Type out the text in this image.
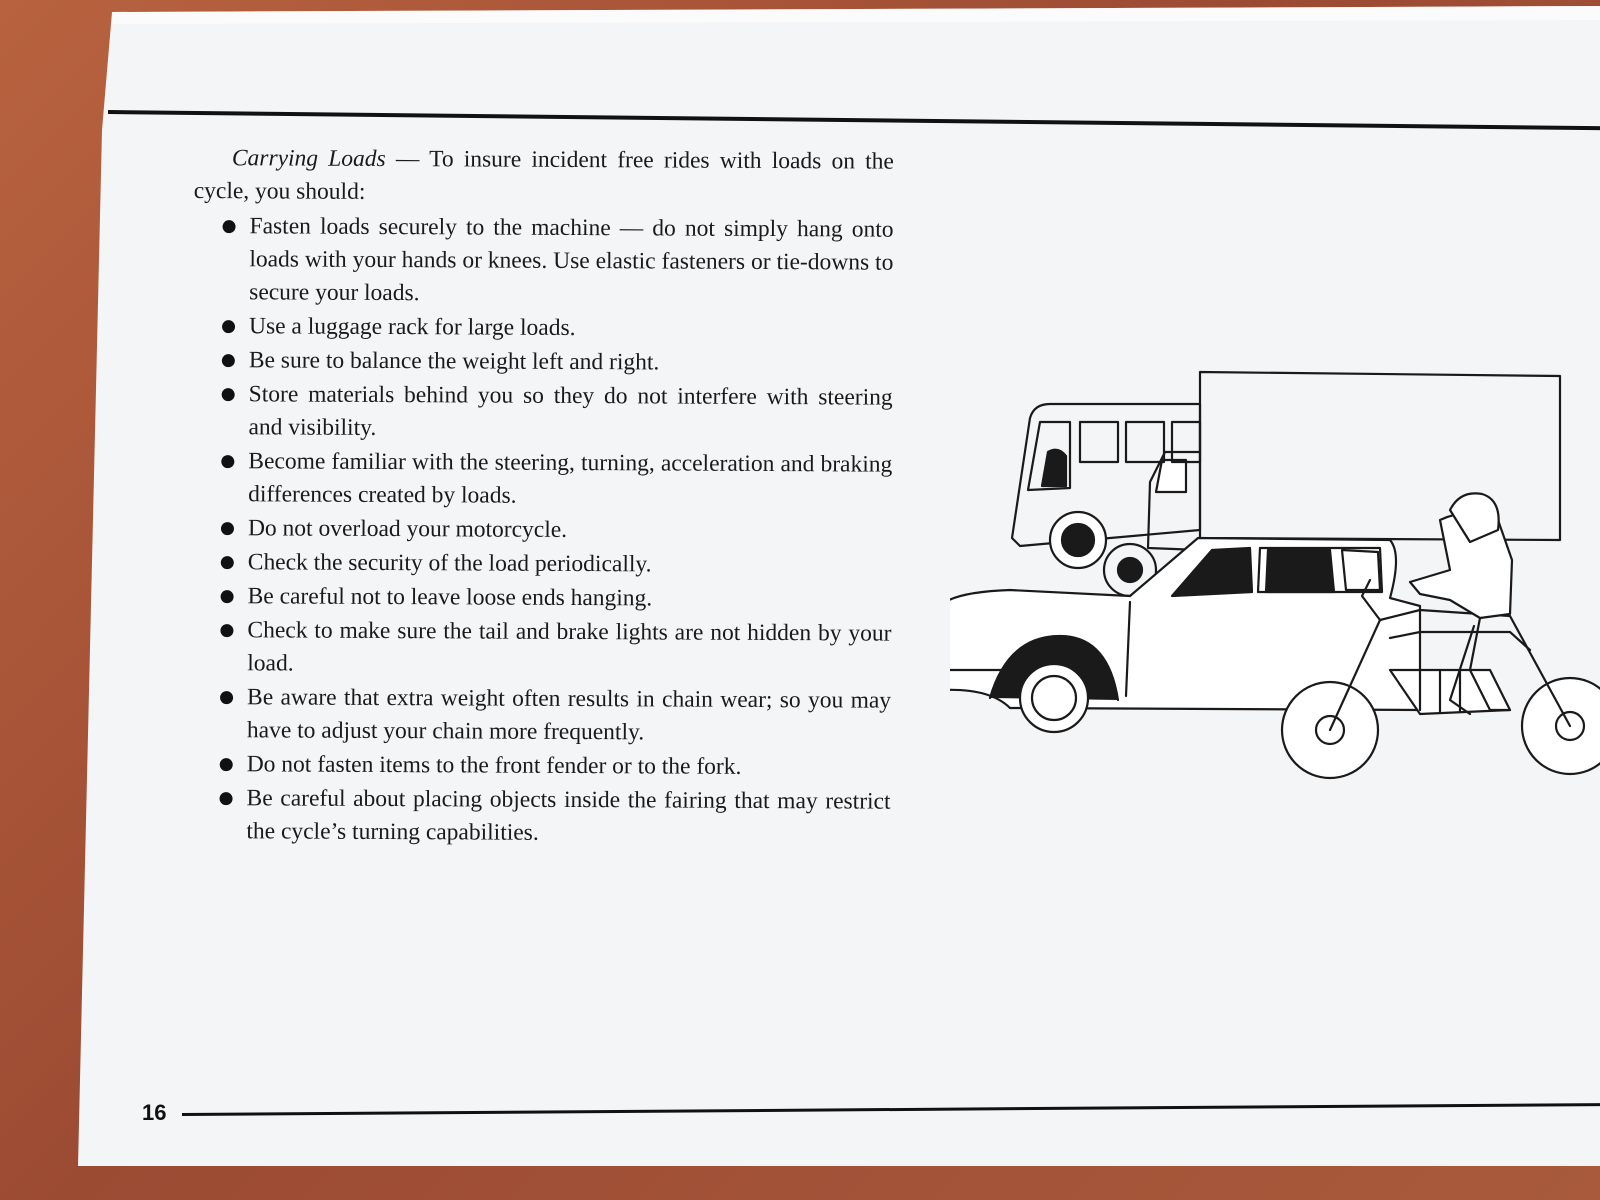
16

Carrying Loads — To insure incident free rides with loads on the cycle, you should:

Fasten loads securely to the machine — do not simply hang onto loads with your hands or knees. Use elastic fasteners or tie-downs to secure your loads.
Use a luggage rack for large loads.
Be sure to balance the weight left and right.
Store materials behind you so they do not interfere with steering and visibility.
Become familiar with the steering, turning, acceleration and braking differences created by loads.
Do not overload your motorcycle.
Check the security of the load periodically.
Be careful not to leave loose ends hanging.
Check to make sure the tail and brake lights are not hidden by your load.
Be aware that extra weight often results in chain wear; so you may have to adjust your chain more frequently.
Do not fasten items to the front fender or to the fork.
Be careful about placing objects inside the fairing that may restrict the cycle’s turning capabilities.
